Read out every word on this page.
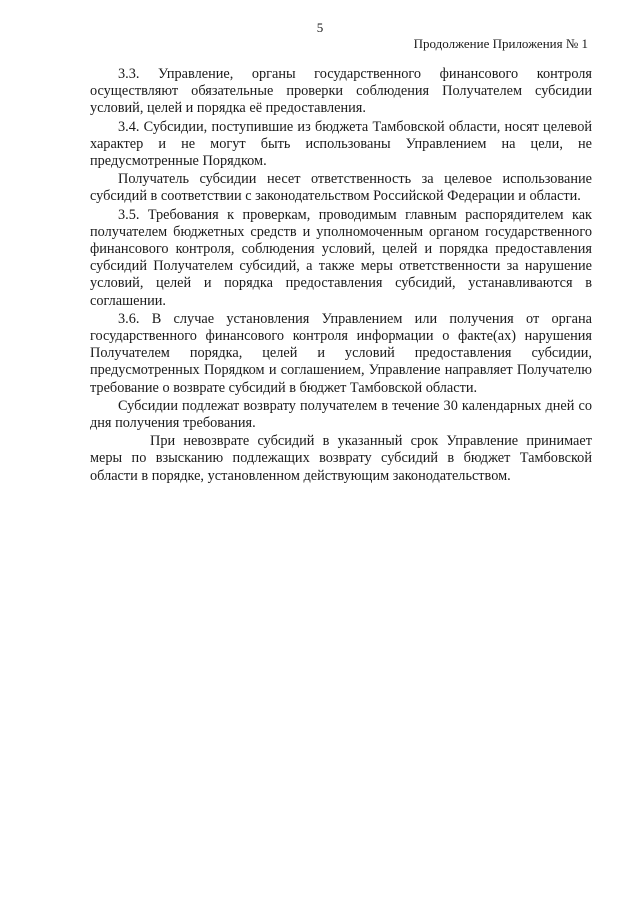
5
Продолжение Приложения № 1

3.3. Управление, органы государственного финансового контроля осуществляют обязательные проверки соблюдения Получателем субсидии условий, целей и порядка её предоставления.

3.4. Субсидии, поступившие из бюджета Тамбовской области, носят целевой характер и не могут быть использованы Управлением на цели, не предусмотренные Порядком.

Получатель субсидии несет ответственность за целевое использование субсидий в соответствии с законодательством Российской Федерации и области.

3.5. Требования к проверкам, проводимым главным распорядителем как получателем бюджетных средств и уполномоченным органом государственного финансового контроля, соблюдения условий, целей и порядка предоставления субсидий Получателем субсидий, а также меры ответственности за нарушение условий, целей и порядка предоставления субсидий, устанавливаются в соглашении.

3.6. В случае установления Управлением или получения от органа государственного финансового контроля информации о факте(ах) нарушения Получателем порядка, целей и условий предоставления субсидии, предусмотренных Порядком и соглашением, Управление направляет Получателю требование о возврате субсидий в бюджет Тамбовской области.

Субсидии подлежат возврату получателем в течение 30 календарных дней со дня получения требования.

При невозврате субсидий в указанный срок Управление принимает меры по взысканию подлежащих возврату субсидий в бюджет Тамбовской области в порядке, установленном действующим законодательством.
